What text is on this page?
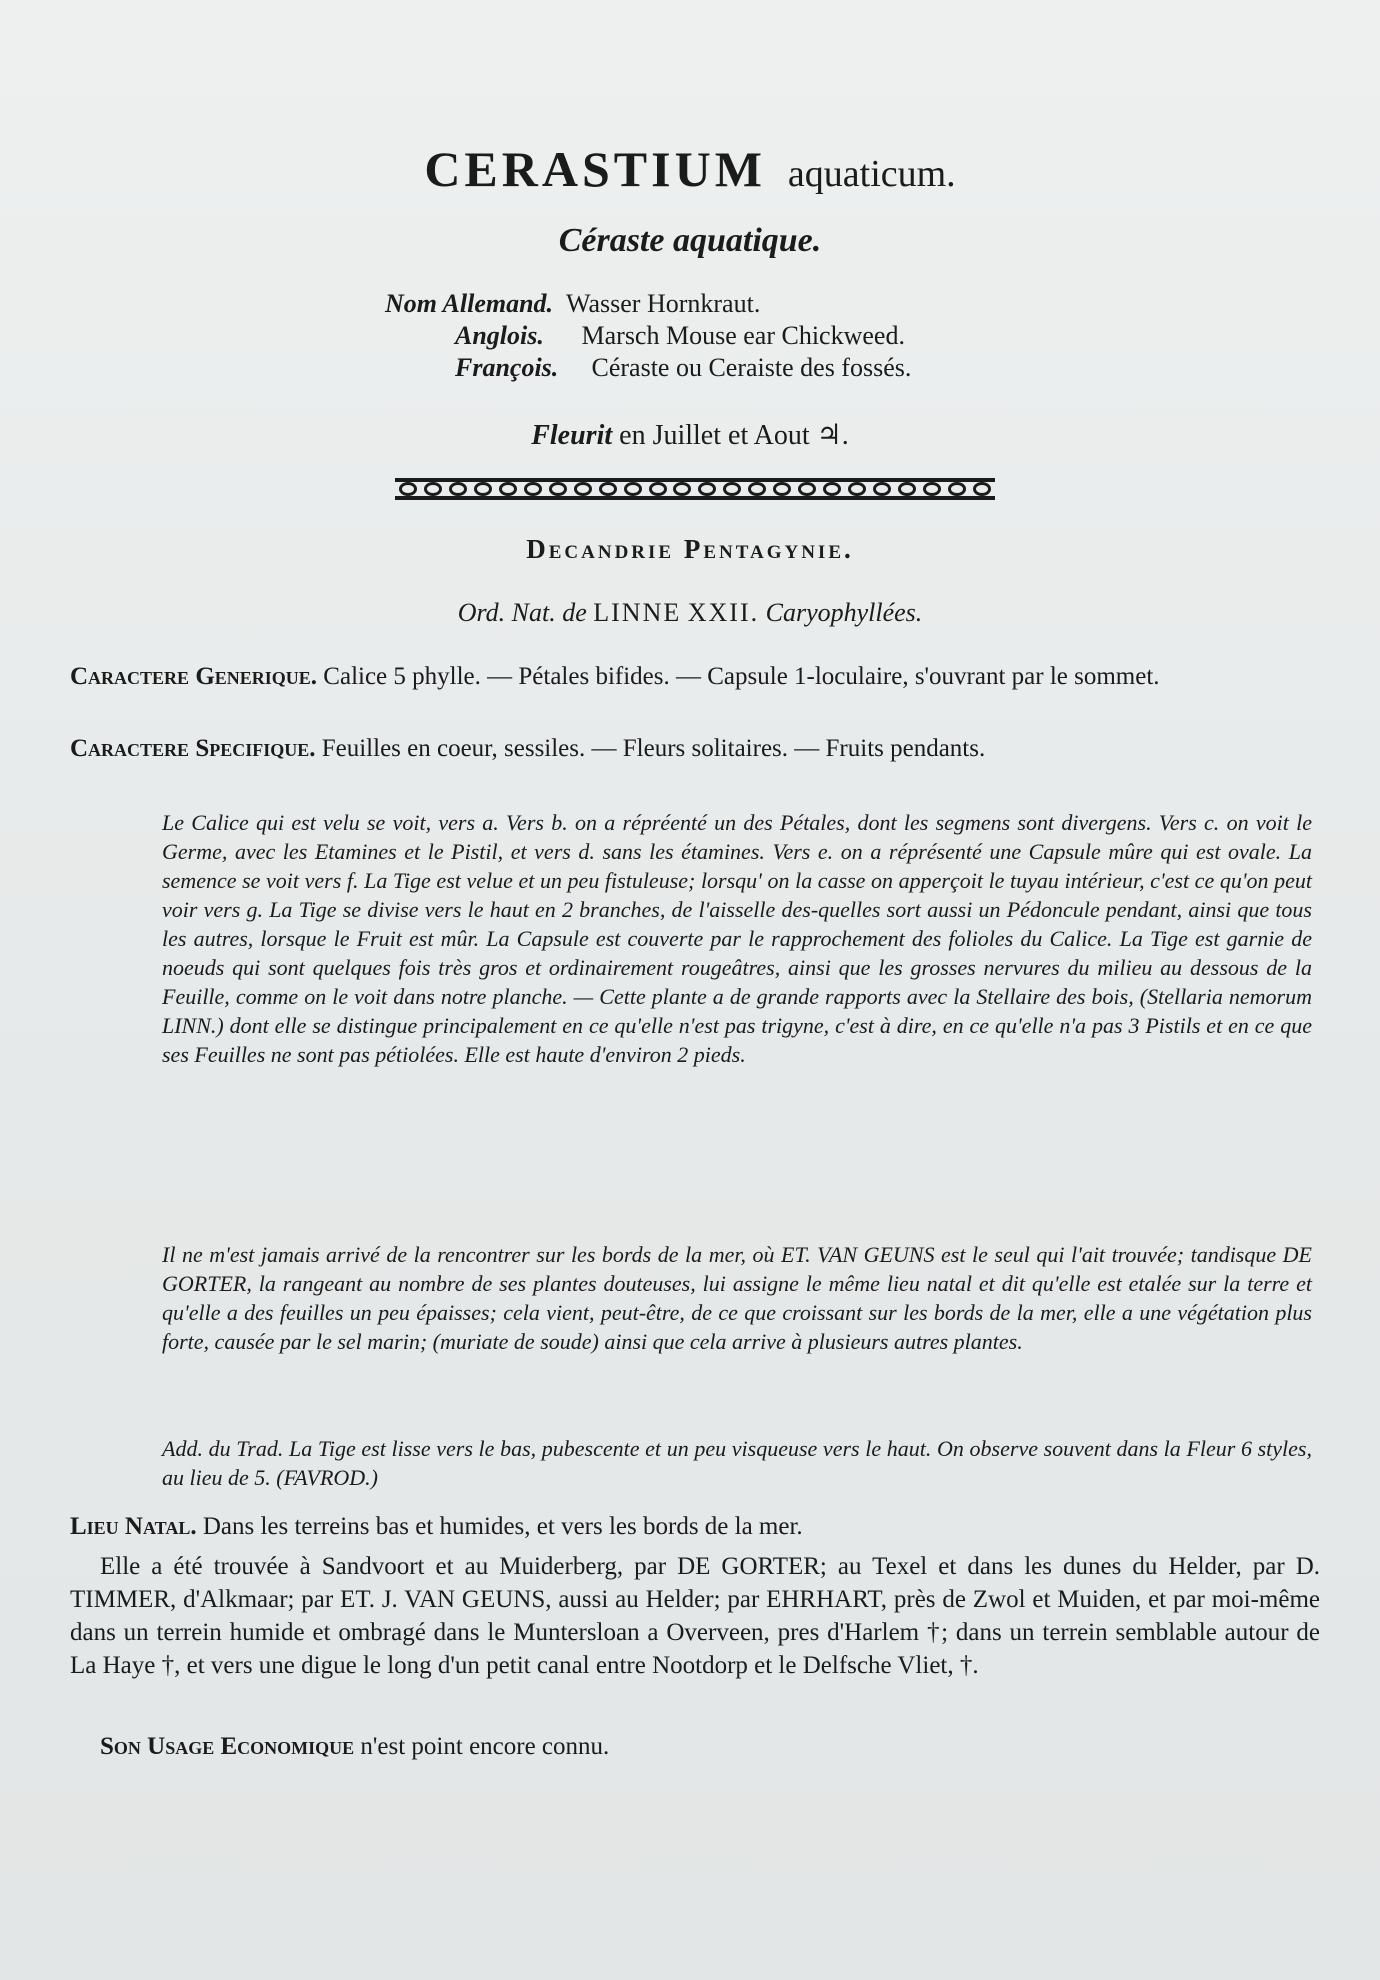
CERASTIUM aquaticum.
Céraste aquatique.
Nom Allemand. Wasser Hornkraut.
Anglois. Marsch Mouse ear Chickweed.
François. Céraste ou Ceraiste des fossés.
Fleurit en Juillet et Aout ♃.
Decandrie Pentagynie.
Ord. Nat. de LINNE XXII. Caryophyllées.
Caractere Generique. Calice 5 phylle. — Pétales bifides. — Capsule 1-loculaire, s'ouvrant par le sommet.
Caractere Specifique. Feuilles en coeur, sessiles. — Fleurs solitaires. — Fruits pendants.
Le Calice qui est velu se voit, vers a. Vers b. on a répréenté un des Pétales, dont les segmens sont divergens. Vers c. on voit le Germe, avec les Etamines et le Pistil, et vers d. sans les étamines. Vers e. on a réprésenté une Capsule mûre qui est ovale. La semence se voit vers f. La Tige est velue et un peu fistuleuse; lorsqu' on la casse on apperçoit le tuyau intérieur, c'est ce qu'on peut voir vers g. La Tige se divise vers le haut en 2 branches, de l'aisselle des-quelles sort aussi un Pédoncule pendant, ainsi que tous les autres, lorsque le Fruit est mûr. La Capsule est couverte par le rapprochement des folioles du Calice. La Tige est garnie de noeuds qui sont quelques fois très gros et ordinairement rougeâtres, ainsi que les grosses nervures du milieu au dessous de la Feuille, comme on le voit dans notre planche. — Cette plante a de grande rapports avec la Stellaire des bois, (Stellaria nemorum LINN.) dont elle se distingue principalement en ce qu'elle n'est pas trigyne, c'est à dire, en ce qu'elle n'a pas 3 Pistils et en ce que ses Feuilles ne sont pas pétiolées. Elle est haute d'environ 2 pieds.
Il ne m'est jamais arrivé de la rencontrer sur les bords de la mer, où ET. VAN GEUNS est le seul qui l'ait trouvée; tandisque DE GORTER, la rangeant au nombre de ses plantes douteuses, lui assigne le même lieu natal et dit qu'elle est etalée sur la terre et qu'elle a des feuilles un peu épaisses; cela vient, peut-être, de ce que croissant sur les bords de la mer, elle a une végétation plus forte, causée par le sel marin; (muriate de soude) ainsi que cela arrive à plusieurs autres plantes.
Add. du Trad. La Tige est lisse vers le bas, pubescente et un peu visqueuse vers le haut. On observe souvent dans la Fleur 6 styles, au lieu de 5. (FAVROD.)
Lieu Natal. Dans les terreins bas et humides, et vers les bords de la mer.
Elle a été trouvée à Sandvoort et au Muiderberg, par DE GORTER; au Texel et dans les dunes du Helder, par D. TIMMER, d'Alkmaar; par ET. J. VAN GEUNS, aussi au Helder; par EHRHART, près de Zwol et Muiden, et par moi-même dans un terrein humide et ombragé dans le Muntersloan a Overveen, pres d'Harlem †; dans un terrein semblable autour de La Haye †, et vers une digue le long d'un petit canal entre Nootdorp et le Delfsche Vliet, †.
Son Usage Economique n'est point encore connu.
